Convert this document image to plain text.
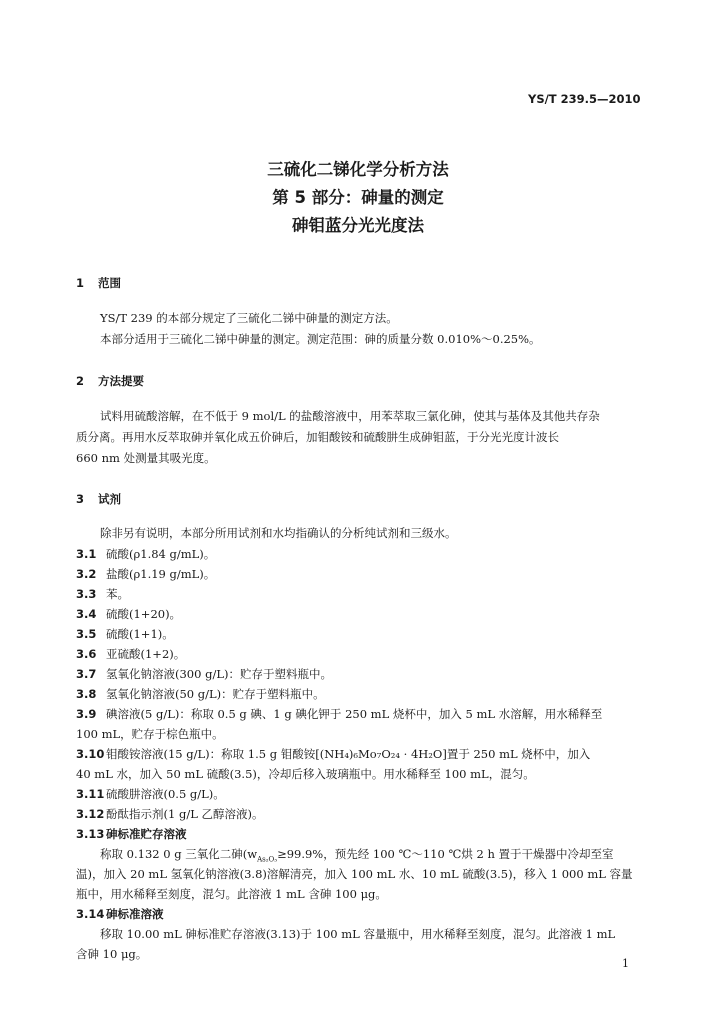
YS/T 239.5—2010
三硫化二锑化学分析方法
第 5 部分：砷量的测定
砷钼蓝分光光度法
1 范围
YS/T 239 的本部分规定了三硫化二锑中砷量的测定方法。
本部分适用于三硫化二锑中砷量的测定。测定范围：砷的质量分数 0.010%～0.25%。
2 方法提要
试料用硫酸溶解，在不低于 9 mol/L 的盐酸溶液中，用苯萃取三氯化砷，使其与基体及其他共存杂
质分离。再用水反萃取砷并氧化成五价砷后，加钼酸铵和硫酸肼生成砷钼蓝，于分光光度计波长
660 nm 处测量其吸光度。
3 试剂
除非另有说明，本部分所用试剂和水均指确认的分析纯试剂和三级水。
3.1 硫酸(ρ1.84 g/mL)。
3.2 盐酸(ρ1.19 g/mL)。
3.3 苯。
3.4 硫酸(1+20)。
3.5 硫酸(1+1)。
3.6 亚硫酸(1+2)。
3.7 氢氧化钠溶液(300 g/L)：贮存于塑料瓶中。
3.8 氢氧化钠溶液(50 g/L)：贮存于塑料瓶中。
3.9 碘溶液(5 g/L)：称取 0.5 g 碘、1 g 碘化钾于 250 mL 烧杯中，加入 5 mL 水溶解，用水稀释至
100 mL，贮存于棕色瓶中。
3.10 钼酸铵溶液(15 g/L)：称取 1.5 g 钼酸铵[(NH₄)₆Mo₇O₂₄ · 4H₂O]置于 250 mL 烧杯中，加入
40 mL 水，加入 50 mL 硫酸(3.5)，冷却后移入玻璃瓶中。用水稀释至 100 mL，混匀。
3.11 硫酸肼溶液(0.5 g/L)。
3.12 酚酞指示剂(1 g/L 乙醇溶液)。
3.13 砷标准贮存溶液
称取 0.132 0 g 三氧化二砷($w_{As_2O_3}\ge 99.9\%$，预先经 100 ℃～110 ℃烘 2 h 置于干燥器中冷却至室
温)，加入 20 mL 氢氧化钠溶液(3.8)溶解清亮，加入 100 mL 水、10 mL 硫酸(3.5)，移入 1 000 mL 容量
瓶中，用水稀释至刻度，混匀。此溶液 1 mL 含砷 100 μg。
3.14 砷标准溶液
移取 10.00 mL 砷标准贮存溶液(3.13)于 100 mL 容量瓶中，用水稀释至刻度，混匀。此溶液 1 mL
含砷 10 μg。
1
